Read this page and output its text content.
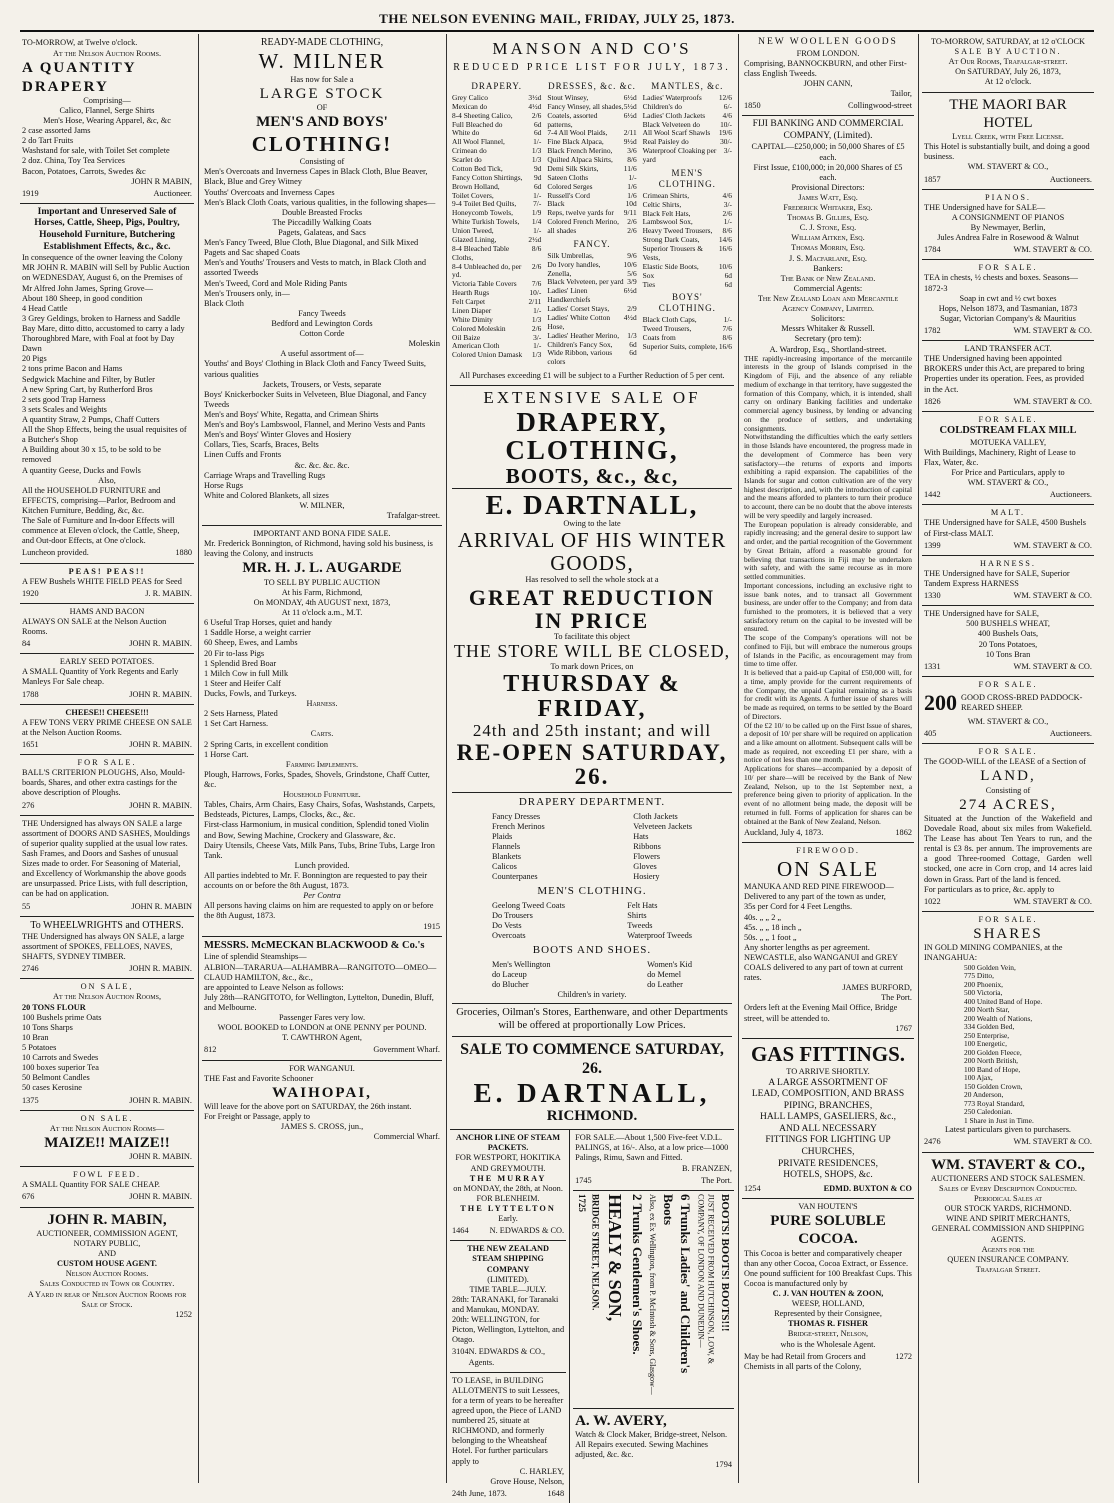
THE NELSON EVENING MAIL, FRIDAY, JULY 25, 1873.
TO-MORROW, at Twelve o'clock.
At the Nelson Auction Rooms.
A QUANTITY DRAPERY
Comprising—
Calico, Flannel, Serge Shirts
Men's Hose, Wearing Apparel, &c, &c
2 case assorted Jams
2 do Tart Fruits
Washstand for sale, with Toilet Set complete
2 doz. China, Toy Tea Services
Bacon, Potatoes, Carrots, Swedes &c
JOHN R MABIN,
1919	Auctioneer.
Important and Unreserved Sale of Horses, Cattle, Sheep, Pigs, Poultry, Household Furniture, Butchering Establishment Effects, &c., &c.
In consequence of the owner leaving the Colony
MR JOHN R. MABIN will Sell by Public Auction on WEDNESDAY, August 6, on the Premises of Mr Alfred John James, Spring Grove—
About 180 Sheep, in good condition
4 Head Cattle
3 Grey Geldings, broken to Harness and Saddle
Bay Mare, ditto ditto, accustomed to carry a lady
Thoroughbred Mare, with Foal at foot by Day Dawn
20 Pigs
2 tons prime Bacon and Hams
Sedgwick Machine and Filter, by Butler
A new Spring Cart, by Rutherford Bros
2 sets good Trap Harness
3 sets Scales and Weights
A quantity Straw, 2 Pumps, Chaff Cutters
All the Shop Effects, being the usual requisites of a Butcher's Shop
A Building about 30 x 15, to be sold to be removed
A quantity Geese, Ducks and Fowls
Also,
All the HOUSEHOLD FURNITURE and EFFECTS, comprising—Parlor, Bedroom and Kitchen Furniture, Bedding, &c, &c.
The Sale of Furniture and In-door Effects will commence at Eleven o'clock, the Cattle, Sheep, and Out-door Effects, at One o'clock.
Luncheon provided.	1880
PEAS! PEAS!!
A FEW Bushels WHITE FIELD PEAS for Seed
1920	J. R. MABIN.
HAMS AND BACON
ALWAYS ON SALE at the Nelson Auction Rooms.
84	JOHN R. MABIN.
EARLY SEED POTATOES.
A SMALL Quantity of York Regents and Early Manleys For Sale cheap.
1788	JOHN R. MABIN.
CHEESE!! CHEESE!!!
A FEW TONS VERY PRIME CHEESE ON SALE at the Nelson Auction Rooms.
1651	JOHN R. MABIN.
FOR SALE.
BALL'S CRITERION PLOUGHS, Also, Mould-boards, Shares, and other extra castings for the above description of Ploughs.
276	JOHN R. MABIN.
THE Undersigned has always ON SALE a large assortment of DOORS AND SASHES, Mouldings of superior quality supplied at the usual low rates. Sash Frames, and Doors and Sashes of unusual Sizes made to order. For Seasoning of Material, and Excellency of Workmanship the above goods are unsurpassed. Price Lists, with full description, can be had on application.
55	JOHN R. MABIN
To WHEELWRIGHTS and OTHERS.
THE Undersigned has always ON SALE, a large assortment of SPOKES, FELLOES, NAVES, SHAFTS, SYDNEY TIMBER.
2746	JOHN R. MABIN.
ON SALE,
At the Nelson Auction Rooms,
20 TONS FLOUR
100 Bushels prime Oats
10 Tons Sharps
10 Bran
5 Potatoes
10 Carrots and Swedes
100 boxes superior Tea
50 Belmont Candles
50 cases Kerosine
1375	JOHN R. MABIN.
ON SALE.
At the Nelson Auction Rooms—
MAIZE!! MAIZE!!
JOHN R. MABIN.
FOWL FEED.
A SMALL Quantity FOR SALE CHEAP.
676	JOHN R. MABIN.
JOHN R. MABIN,
AUCTIONEER, COMMISSION AGENT, NOTARY PUBLIC,
AND
CUSTOM HOUSE AGENT.
Nelson Auction Rooms.
Sales Conducted in Town or Country.
A Yard in rear of Nelson Auction Rooms for Sale of Stock.
1252
READY-MADE CLOTHING,
W. MILNER
Has now for Sale a
LARGE STOCK
OF
MEN'S AND BOYS'
CLOTHING!
Consisting of
Men's Overcoats and Inverness Capes in Black Cloth, Blue Beaver, Black, Blue and Grey Witney
Youths' Overcoats and Inverness Capes
Men's Black Cloth Coats, various qualities, in the following shapes—
Double Breasted Frocks
The Piccadilly Walking Coats
Pagets, Galateas, and Sacs
Men's Fancy Tweed, Blue Cloth, Blue Diagonal, and Silk Mixed Pagets and Sac shaped Coats
Men's and Youths' Trousers and Vests to match, in Black Cloth and assorted Tweeds
Men's Tweed, Cord and Mole Riding Pants
Men's Trousers only, in—
Black Cloth
Fancy Tweeds
Bedford and Lewington Cords
Cotton Corde
Moleskin
A useful assortment of—
Youths' and Boys' Clothing in Black Cloth and Fancy Tweed Suits, various qualities
Jackets, Trousers, or Vests, separate
Boys' Knickerbocker Suits in Velveteen, Blue Diagonal, and Fancy Tweeds
Men's and Boys' White, Regatta, and Crimean Shirts
Men's and Boy's Lambswool, Flannel, and Merino Vests and Pants
Men's and Boys' Winter Gloves and Hosiery
Collars, Ties, Scarfs, Braces, Belts
Linen Cuffs and Fronts
&c. &c. &c. &c.
Carriage Wraps and Travelling Rugs
Horse Rugs
White and Colored Blankets, all sizes
W. MILNER,
Trafalgar-street.
IMPORTANT AND BONA FIDE SALE.
Mr. Frederick Bonnington, of Richmond, having sold his business, is leaving the Colony, and instructs
MR. H. J. L. AUGARDE
TO SELL BY PUBLIC AUCTION
At his Farm, Richmond,
On MONDAY, 4th AUGUST next, 1873,
At 11 o'clock a.m., M.T.
6 Useful Trap Horses, quiet and handy
1 Saddle Horse, a weight carrier
60 Sheep, Ewes, and Lambs
20 Fir to-lass Pigs
1 Splendid Bred Boar
1 Milch Cow in full Milk
1 Steer and Heifer Calf
Ducks, Fowls, and Turkeys.
Harness.
2 Sets Harness, Plated
1 Set Cart Harness.
Carts.
2 Spring Carts, in excellent condition
1 Horse Cart.
Farming Implements.
Plough, Harrows, Forks, Spades, Shovels, Grindstone, Chaff Cutter, &c.
Household Furniture.
Tables, Chairs, Arm Chairs, Easy Chairs, Sofas, Washstands, Carpets, Bedsteads, Pictures, Lamps, Clocks, &c., &c.
First-class Harmonium, in musical condition, Splendid toned Violin and Bow, Sewing Machine, Crockery and Glassware, &c.
Dairy Utensils, Cheese Vats, Milk Pans, Tubs, Brine Tubs, Large Iron Tank.
Lunch provided.
All parties indebted to Mr. F. Bonnington are requested to pay their accounts on or before the 8th August, 1873.
Per Contra
All persons having claims on him are requested to apply on or before the 8th August, 1873.
1915
MESSRS. McMECKAN BLACKWOOD & Co.'s
Line of splendid Steamships—
ALBION—TARARUA—ALHAMBRA—RANGITOTO—OMEO—CLAUD HAMILTON, &c., &c.,
are appointed to Leave Nelson as follows:
July 28th—RANGITOTO, for Wellington, Lyttelton, Dunedin, Bluff, and Melbourne.
Passenger Fares very low.
WOOL BOOKED to LONDON at ONE PENNY per POUND.
T. CAWTHRON Agent,
812	Government Wharf.
FOR WANGANUI.
THE Fast and Favorite Schooner
WAIHOPAI,
Will leave for the above port on SATURDAY, the 26th instant.
For Freight or Passage, apply to
JAMES S. CROSS, jun.,
Commercial Wharf.
MANSON AND CO'S
REDUCED PRICE LIST FOR JULY, 1873.
DRAPERY.
Grey Calico	3½d
Mexican do	4½d
8-4 Sheeting Calico,	2/6
Full Bleached do	6d
White do	6d
All Wool Flannel,	1/-
Crimean do	1/3
Scarlet do	1/3
Cotton Bed Tick,	9d
Fancy Cotton Shirtings, 9d
Brown Holland,	6d
Toilet Covers,	1/-
9-4 Toilet Bed Quilts, 7/-
Honeycomb Towels,	1/9
White Turkish Towels, 1/4
Union Tweed,	1/-
Glazed Lining,	2½d
8-4 Bleached Table Cloths,
8/6
8-4 Unbleached do, per yd.
2/6
Victoria Table Covers 7/6
Hearth Rugs	10/-
Felt Carpet	2/11
Linen Diaper	1/-
White Dimity	1/3
Colored Moleskin	2/6
Oil Baize	3/-
American Cloth	1/-
Colored Union Damask 1/3
DRESSES, &c. &c.
Stout Winsey,	6½d
Fancy Winsey, all shades, 5½d
Coatels, assorted patterns,
6½d
7-4 All Wool Plaids, 2/11
Fine Black Alpaca,	9½d
Black French Merino, 3/6
Quilted Alpaca Skirts, 8/6
Demi Silk Skirts,	11/6
Sateen Cloths	1/-
Colored Serges	1/6
Russell's Cord	1/6
Black	10d
Reps, twelve yards for 9/11
Colored French Merino, 2/6
all shades	2/6
FANCY.
Silk Umbrellas,	9/6
Do Ivory handles,	10/6
Zenella,	5/6
Black Velveteen, per yard 3/9
Ladies' Linen Handkerchiefs
6½d
Ladies' Corset Stays, 2/9
Ladies' White Cotton Hose,
4½d
Ladies' Heather Merino, 1/3
Children's Fancy Sox, 6d
Wide Ribbon, various colors
6d
MANTLES, &c.
Ladies' Waterproofs 12/6
Children's do	6/-
Ladies' Cloth Jackets 4/6
Black Velveteen do	10/-
All Wool Scarf Shawls 19/6
Real Paisley do	30/-
Waterproof Cloaking per yard
3/-
MEN'S CLOTHING.
Crimean Shirts,	4/6
Celtic Shirts,	3/-
Black Felt Hats,	2/6
Lambswool Sox,	1/-
Heavy Tweed Trousers, 8/6
Strong Dark Coats,	14/6
Superior Trousers & Vests,
16/6
Elastic Side Boots,	10/6
Sox	6d
Ties	6d
BOYS' CLOTHING.
Black Cloth Caps,	1/-
Tweed Trousers,	7/6
Coats from	8/6
Superior Suits, complete, 16/6
All Purchases exceeding £1 will be subject to a Further Reduction of 5 per cent.
EXTENSIVE SALE OF
DRAPERY, CLOTHING,
BOOTS, &c., &c,
E. DARTNALL,
Owing to the late
ARRIVAL OF HIS WINTER GOODS,
Has resolved to sell the whole stock at a
GREAT REDUCTION IN PRICE
To facilitate this object
THE STORE WILL BE CLOSED,
To mark down Prices, on
THURSDAY & FRIDAY,
24th and 25th instant; and will
RE-OPEN SATURDAY, 26.
DRAPERY DEPARTMENT.
Fancy Dresses
French Merinos
Plaids
Flannels
Blankets
Calicos
Counterpanes
Cloth Jackets
Velveteen Jackets
Hats
Ribbons
Flowers
Gloves
Hosiery
MEN'S CLOTHING.
Geelong Tweed Coats
Do Trousers
Do Vests
Overcoats
Felt Hats
Shirts
Tweeds
Waterproof Tweeds
BOOTS AND SHOES.
Men's Wellington
do Laceup
do Blucher
Women's Kid
do Memel
do Leather
Children's in variety.
Groceries, Oilman's Stores, Earthenware, and other Departments will be offered at proportionally Low Prices.
SALE TO COMMENCE SATURDAY, 26.
E. DARTNALL,
RICHMOND.
ANCHOR LINE OF STEAM PACKETS.
FOR WESTPORT, HOKITIKA AND GREYMOUTH.
THE MURRAY
on MONDAY, the 28th, at Noon.
FOR BLENHEIM.
THE LYTTELTON
Early.
1464	N. EDWARDS & CO.
THE NEW ZEALAND STEAM SHIPPING COMPANY
(LIMITED).
TIME TABLE—JULY.
28th: TARANAKI, for Taranaki and Manukau, MONDAY.
20th: WELLINGTON, for Picton, Wellington, Lyttelton, and Otago.
3104 N. EDWARDS & CO., Agents.
TO LEASE, in BUILDING ALLOTMENTS to suit Lessees, for a term of years to be hereafter agreed upon, the Piece of LAND numbered 25, situate at RICHMOND, and formerly belonging to the Wheatsheaf Hotel. For further particulars apply to
C. HARLEY,
Grove House, Nelson,
24th June, 1873.	1648
FOR SALE.—About 1,500 Five-feet V.D.L. PALINGS, at 16/-. Also, at a low price—1000 Palings, Rimu, Sawn and Fitted.
B. FRANZEN,
1745	The Port.
1725 BRIDGE STREET, NELSON. HEALY & SON, 2 Trunks Gentlemen's Shoes. Also, ex Ex Wellington, from P. McIntosh & Sons, Glasgow—	6 Trunks Ladies' and Children's Boots	JUST RECEIVED FROM HUTCHINSON, LOW, & COMPANY, OF LONDON AND DUNEDIN—	BOOTS! BOOTS! BOOTS!!!
A. W. AVERY,
Watch & Clock Maker, Bridge-street, Nelson. All Repairs executed. Sewing Machines adjusted, &c. &c.
1794
NEW WOOLLEN GOODS
FROM LONDON.
Comprising, BANNOCKBURN, and other First-class English Tweeds.
JOHN CANN,
Tailor,
1850	Collingwood-street
FIJI BANKING AND COMMERCIAL COMPANY, (Limited).
CAPITAL—£250,000; in 50,000 Shares of £5 each.
First Issue, £100,000; in 20,000 Shares of £5 each.
Provisional Directors:
James Watt, Esq.
Frederick Whitaker, Esq.
Thomas B. Gillies, Esq.
C. J. Stone, Esq.
William Aitken, Esq.
Thomas Morrin, Esq.
J. S. Macfarlane, Esq.
Bankers:
The Bank of New Zealand.
Commercial Agents:
The New Zealand Loan and Mercantile Agency Company, Limited.
Solicitors:
Messrs Whitaker & Russell.
Secretary (pro tem):
A. Wardrop, Esq., Shortland-street.
THE rapidly-increasing importance of the mercantile interests in the group of Islands comprised in the Kingdom of Fiji, and the absence of any reliable medium of exchange in that territory, have suggested the formation of this Company, which, it is intended, shall carry on ordinary Banking facilities and undertake commercial agency business, by lending or advancing on the produce of settlers, and undertaking consignments.
Notwithstanding the difficulties which the early settlers in those Islands have encountered, the progress made in the development of Commerce has been very satisfactory—the returns of exports and imports exhibiting a rapid expansion. The capabilities of the Islands for sugar and cotton cultivation are of the very highest description, and, with the introduction of capital and the means afforded to planters to turn their produce to account, there can be no doubt that the above interests will be very speedily and largely increased.
The European population is already considerable, and rapidly increasing; and the general desire to support law and order, and the partial recognition of the Government by Great Britain, afford a reasonable ground for believing that transactions in Fiji may be undertaken with safety, and with the same recourse as in more settled communities.
Important concessions, including an exclusive right to issue bank notes, and to transact all Government business, are under offer to the Company; and from data furnished to the promoters, it is believed that a very satisfactory return on the capital to be invested will be ensured.
The scope of the Company's operations will not be confined to Fiji, but will embrace the numerous groups of Islands in the Pacific, as encouragement may from time to time offer.
It is believed that a paid-up Capital of £50,000 will, for a time, amply provide for the current requirements of the Company, the unpaid Capital remaining as a basis for credit with its Agents. A further issue of shares will be made as required, on terms to be settled by the Board of Directors.
Of the £2 10/ to be called up on the First Issue of shares, a deposit of 10/ per share will be required on application and a like amount on allotment. Subsequent calls will be made as required, not exceeding £1 per share, with a notice of not less than one month.
Applications for shares—accompanied by a deposit of 10/ per share—will be received by the Bank of New Zealand, Nelson, up to the 1st September next, a preference being given to priority of application. In the event of no allotment being made, the deposit will be returned in full. Forms of application for shares can be obtained at the Bank of New Zealand, Nelson.
Auckland, July 4, 1873.	1862
FIREWOOD.
ON SALE
MANUKA AND RED PINE FIREWOOD—Delivered to any part of the town as under,
35s per Cord for 4 Feet Lengths.
40s. „ „ 2 „
45s. „ „ 18 inch „
50s. „ „ 1 foot „
Any shorter lengths as per agreement.
NEWCASTLE, also WANGANUI and GREY COALS delivered to any part of town at current rates.
JAMES BURFORD,
The Port.
Orders left at the Evening Mail Office, Bridge street, will be attended to.
1767
GAS FITTINGS.
TO ARRIVE SHORTLY.
A LARGE ASSORTMENT OF
LEAD, COMPOSITION, AND BRASS
PIPING, BRANCHES,
HALL LAMPS, GASELIERS, &c.,
AND ALL NECESSARY
FITTINGS FOR LIGHTING UP
CHURCHES,
PRIVATE RESIDENCES,
HOTELS, SHOPS, &c.
1254	EDMD. BUXTON & CO
VAN HOUTEN'S
PURE SOLUBLE COCOA.
This Cocoa is better and comparatively cheaper than any other Cocoa, Cocoa Extract, or Essence. One pound sufficient for 100 Breakfast Cups. This Cocoa is manufactured only by
C. J. VAN HOUTEN & ZOON,
WEESP, HOLLAND,
Represented by their Consignee,
THOMAS R. FISHER
Bridge-street, Nelson,
who is the Wholesale Agent.
May be had Retail from Grocers and Chemists in all parts of the Colony,
1272
TO-MORROW, SATURDAY, at 12 o'CLOCK
SALE BY AUCTION.
At Our Rooms, Trafalgar-street.
On SATURDAY, July 26, 1873,
At 12 o'clock.
THE MAORI BAR HOTEL
Lyell Creek, with Free License.
This Hotel is substantially built, and doing a good business.
WM. STAVERT & CO.,
1857	Auctioneers.
PIANOS.
THE Undersigned have for SALE—
A CONSIGNMENT OF PIANOS
By Newmayer, Berlin,
Jules Andrea Falre in Rosewood & Walnut
1784	WM. STAVERT & CO.
FOR SALE.
TEA in chests, ½ chests and boxes. Seasons—1872-3
Soap in cwt and ½ cwt boxes
Hops, Nelson 1873, and Tasmanian, 1873
Sugar, Victorian Company's & Mauritius
1782	WM. STAVERT & CO.
LAND TRANSFER ACT.
THE Undersigned having been appointed BROKERS under this Act, are prepared to bring Properties under its operation. Fees, as provided in the Act.
1826	WM. STAVERT & CO.
FOR SALE.
COLDSTREAM FLAX MILL
MOTUEKA VALLEY,
With Buildings, Machinery, Right of Lease to Flax, Water, &c.
For Price and Particulars, apply to
WM. STAVERT & CO.,
1442	Auctioneers.
MALT.
THE Undersigned have for SALE, 4500 Bushels of First-class MALT.
1399	WM. STAVERT & CO.
HARNESS.
THE Undersigned have for SALE, Superior Tandem Express HARNESS
1330	WM. STAVERT & CO.
THE Undersigned have for SALE,
500 BUSHELS WHEAT,
400 Bushels Oats,
20 Tons Potatoes,
10 Tons Bran
1331	WM. STAVERT & CO.
FOR SALE.
200 GOOD CROSS-BRED PADDOCK-REARED SHEEP.
WM. STAVERT & CO.,
405	Auctioneers.
FOR SALE.
The GOOD-WILL of the LEASE of a Section of
LAND,
Consisting of
274 ACRES,
Situated at the Junction of the Wakefield and Dovedale Road, about six miles from Wakefield. The Lease has about Ten Years to run, and the rental is £3 8s. per annum. The improvements are a good Three-roomed Cottage, Garden well stocked, one acre in Corn crop, and 14 acres laid down in Grass. Part of the land is fenced.
For particulars as to price, &c. apply to
1022	WM. STAVERT & CO.
FOR SALE.
SHARES
IN GOLD MINING COMPANIES, at the INANGAHUA:
500 Golden Vein,
775 Ditto,
200 Phoenix,
500 Victoria,
400 United Band of Hope.
200 North Star,
200 Wealth of Nations,
334 Golden Bed,
250 Enterprise,
100 Energetic,
200 Golden Fleece,
200 North British,
100 Band of Hope,
100 Ajax,
150 Golden Crown,
20 Anderson,
773 Royal Standard,
250 Caledonian.
1 Share in Just in Time.
Latest particulars given to purchasers.
2476	WM. STAVERT & CO.
WM. STAVERT & CO.,
AUCTIONEERS AND STOCK SALESMEN.
Sales of Every Description Conducted.
Periodical Sales at
OUR STOCK YARDS, RICHMOND.
WINE AND SPIRIT MERCHANTS,
GENERAL COMMISSION AND SHIPPING AGENTS.
Agents for the
QUEEN INSURANCE COMPANY.
Trafalgar Street.
